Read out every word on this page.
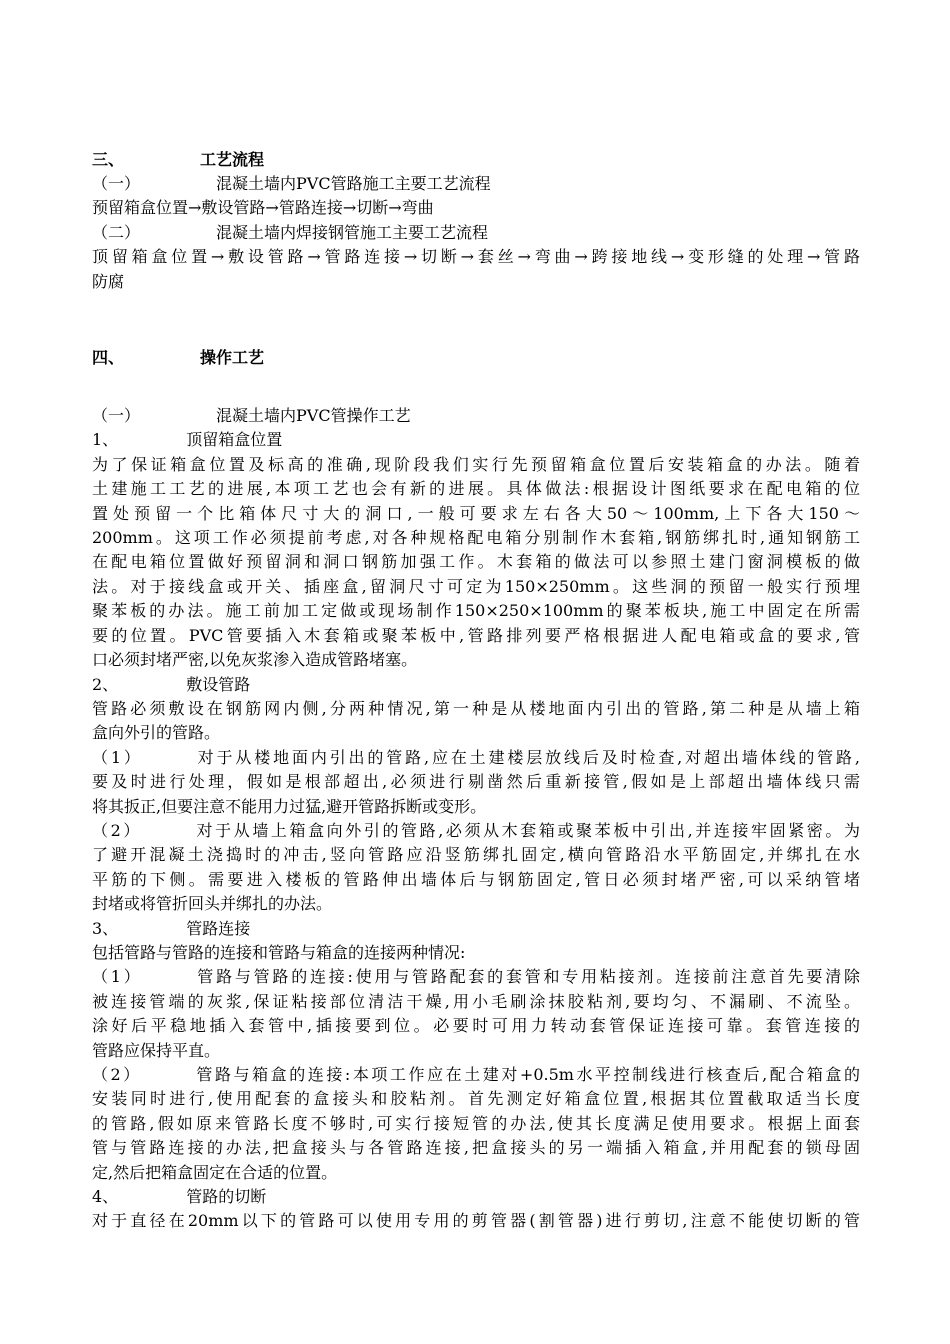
三、	工艺流程
（一）	混凝土墙内PVC管路施工主要工艺流程
预留箱盒位置→敷设管路→管路连接→切断→弯曲
（二）	混凝土墙内焊接钢管施工主要工艺流程
顶留箱盒位置→敷设管路→管路连接→切断→套丝→弯曲→跨接地线→变形缝的处理→管路
防腐
四、	操作工艺
（一）	混凝土墙内PVC管操作工艺
1、	顶留箱盒位置
为了保证箱盒位置及标高的准确,现阶段我们实行先预留箱盒位置后安装箱盒的办法。随着
土建施工工艺的进展,本项工艺也会有新的进展。具体做法:根据设计图纸要求在配电箱的位
置处预留一个比箱体尺寸大的洞口,一般可要求左右各大50～100mm,上下各大150～
200mm。这项工作必须提前考虑,对各种规格配电箱分别制作木套箱,钢筋绑扎时,通知钢筋工
在配电箱位置做好预留洞和洞口钢筋加强工作。木套箱的做法可以参照土建门窗洞模板的做
法。对于接线盒或开关、插座盒,留洞尺寸可定为150×250mm。这些洞的预留一般实行预埋
聚苯板的办法。施工前加工定做或现场制作150×250×100mm的聚苯板块,施工中固定在所需
要的位置。PVC管要插入木套箱或聚苯板中,管路排列要严格根据进人配电箱或盒的要求,管
口必须封堵严密,以免灰浆渗入造成管路堵塞。
2、	敷设管路
管路必须敷设在钢筋网内侧,分两种情况,第一种是从楼地面内引出的管路,第二种是从墙上箱
盒向外引的管路。
（1）	对于从楼地面内引出的管路,应在土建楼层放线后及时检查,对超出墙体线的管路,
要及时进行处理，假如是根部超出,必须进行剔凿然后重新接管,假如是上部超出墙体线只需
将其扳正,但要注意不能用力过猛,避开管路拆断或变形。
（2）	对于从墙上箱盒向外引的管路,必须从木套箱或聚苯板中引出,并连接牢固紧密。为
了避开混凝土浇捣时的冲击,竖向管路应沿竖筋绑扎固定,横向管路沿水平筋固定,并绑扎在水
平筋的下侧。需要进入楼板的管路伸出墙体后与钢筋固定,管日必须封堵严密,可以采纳管堵
封堵或将管折回头并绑扎的办法。
3、	管路连接
包括管路与管路的连接和管路与箱盒的连接两种情况:
（1）	管路与管路的连接:使用与管路配套的套管和专用粘接剂。连接前注意首先要清除
被连接管端的灰浆,保证粘接部位清洁干燥,用小毛刷涂抹胶粘剂,要均匀、不漏刷、不流坠。
涂好后平稳地插入套管中,插接要到位。必要时可用力转动套管保证连接可靠。套管连接的
管路应保持平直。
（2）	管路与箱盒的连接:本项工作应在土建对+0.5m水平控制线进行核查后,配合箱盒的
安装同时进行,使用配套的盒接头和胶粘剂。首先测定好箱盒位置,根据其位置截取适当长度
的管路,假如原来管路长度不够时,可实行接短管的办法,使其长度满足使用要求。根据上面套
管与管路连接的办法,把盒接头与各管路连接,把盒接头的另一端插入箱盒,并用配套的锁母固
定,然后把箱盒固定在合适的位置。
4、	管路的切断
对于直径在20mm以下的管路可以使用专用的剪管器(割管器)进行剪切,注意不能使切断的管
